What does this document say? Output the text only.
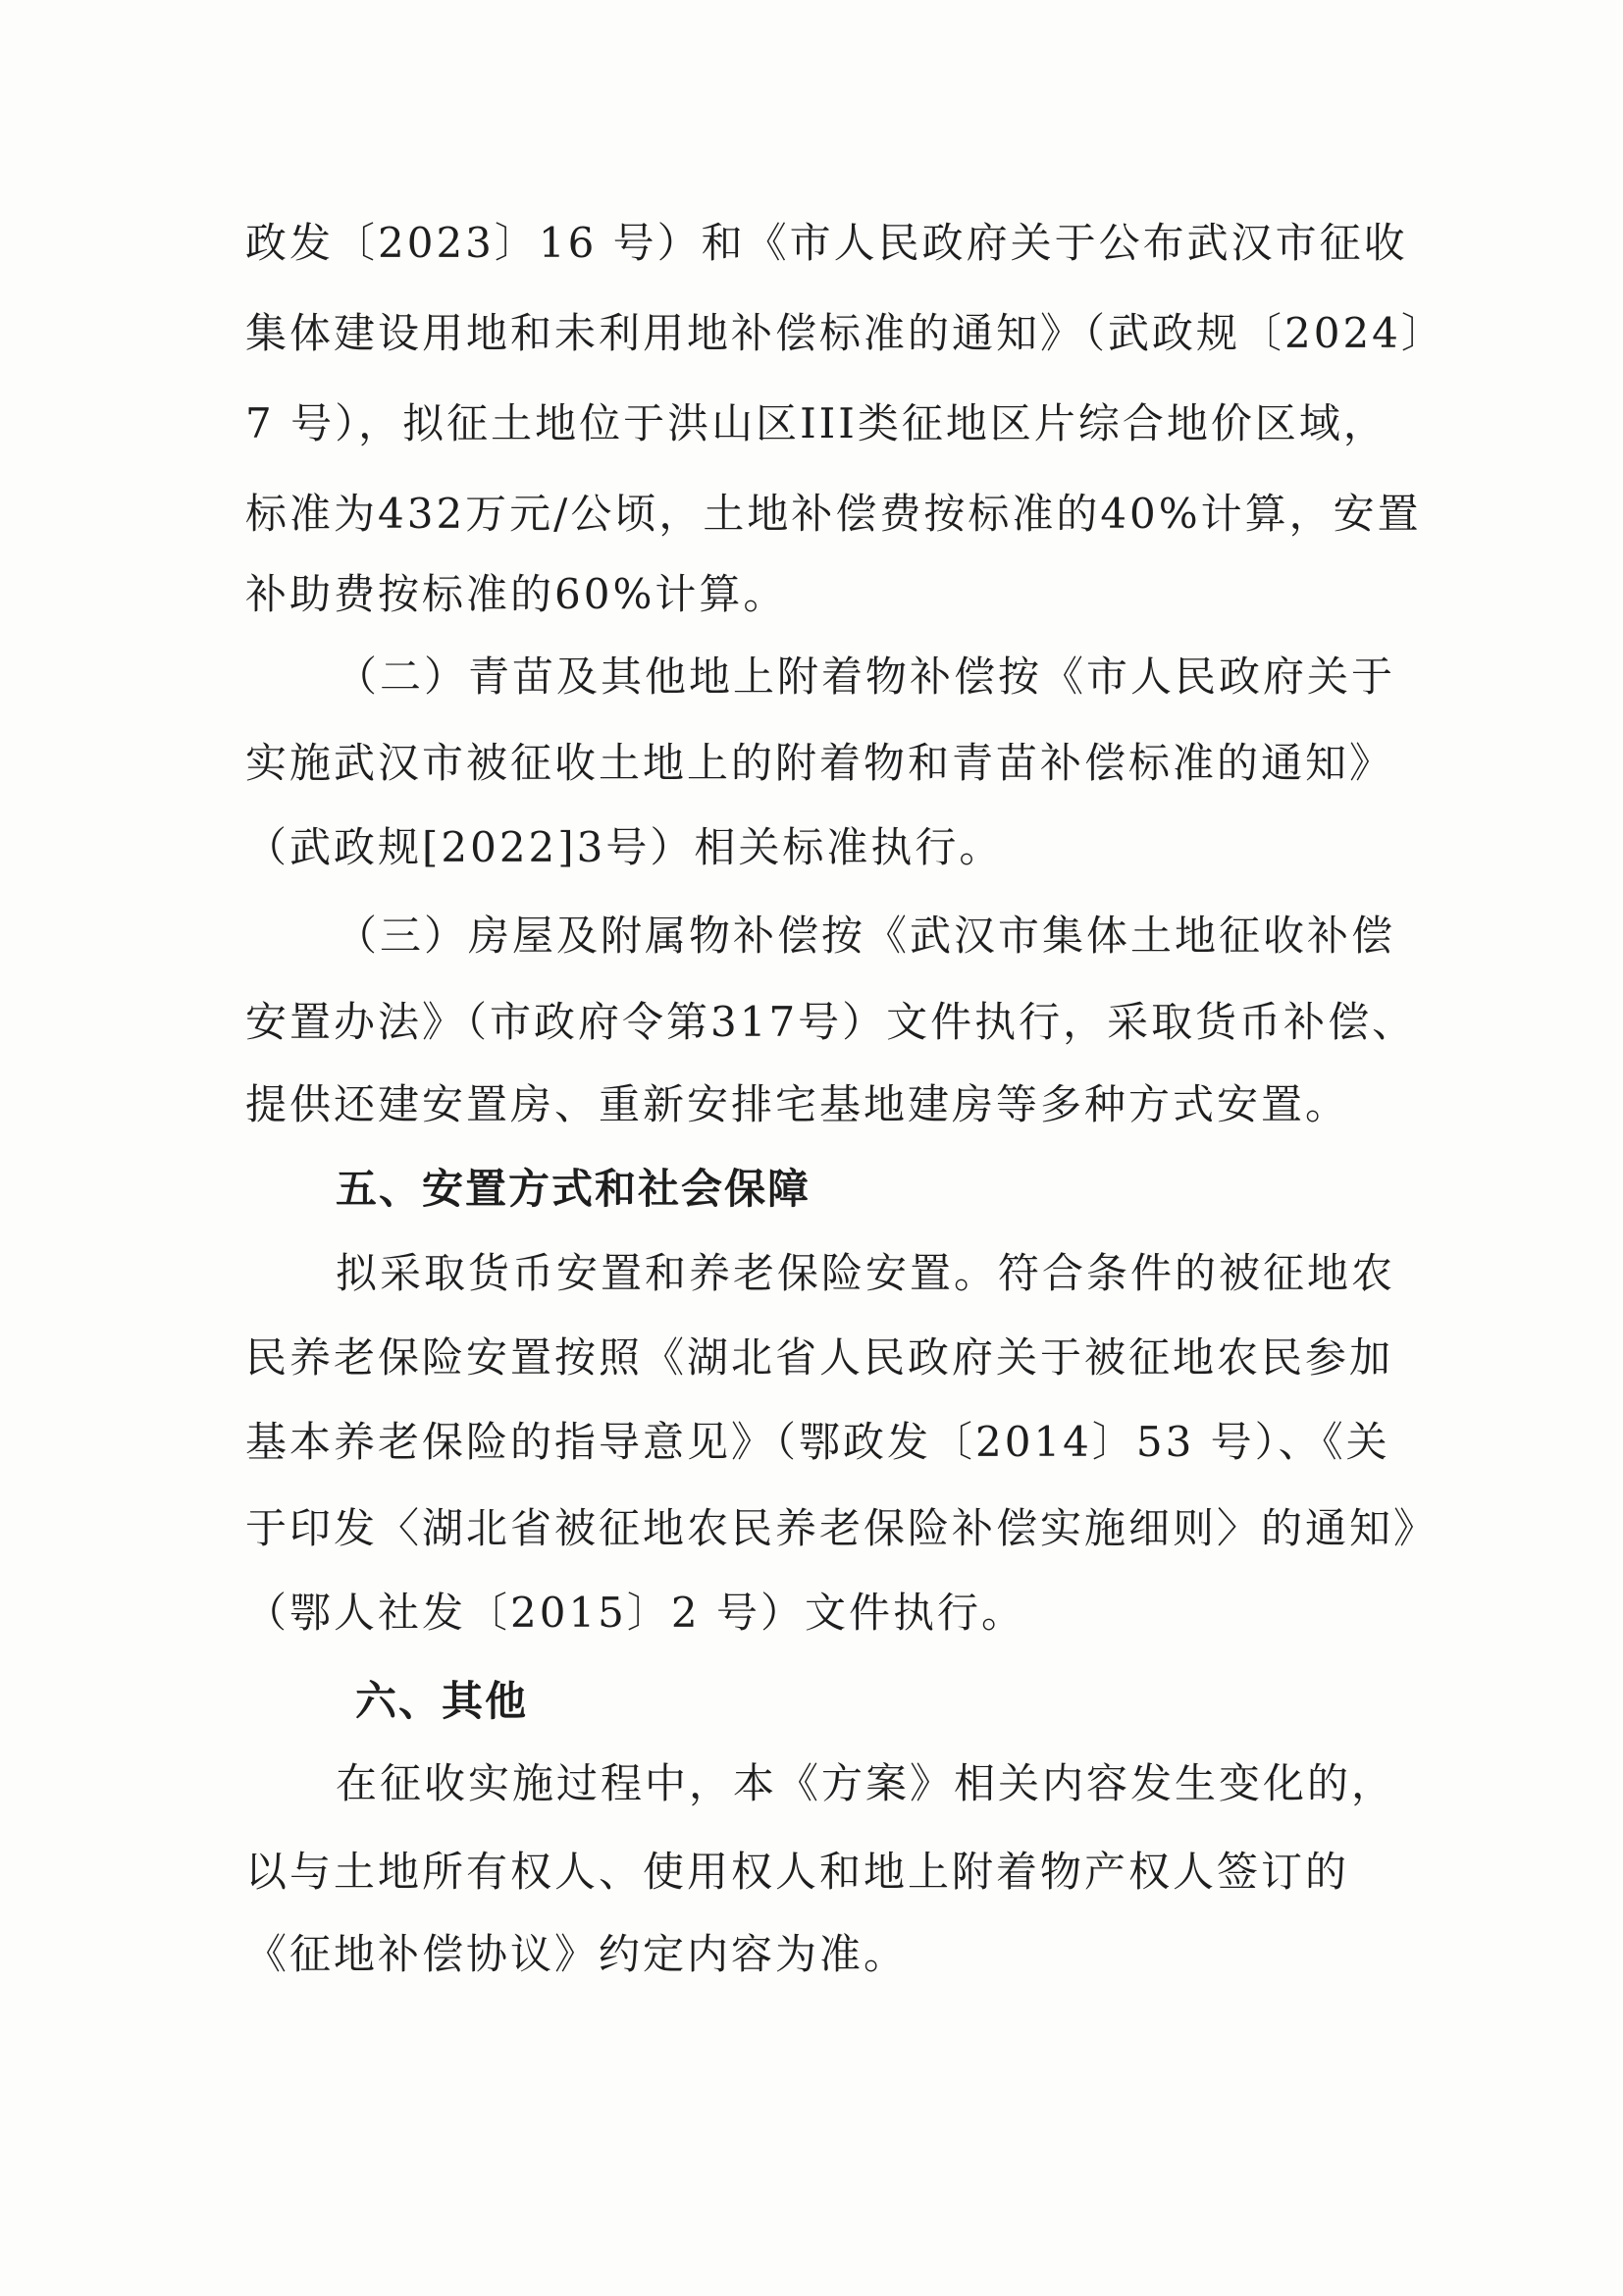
政发〔2023〕16 号）和《市人民政府关于公布武汉市征收
集体建设用地和未利用地补偿标准的通知》（武政规〔2024〕
7 号），拟征土地位于洪山区III类征地区片综合地价区域，
标准为432万元/公顷，土地补偿费按标准的40%计算，安置
补助费按标准的60%计算。
（二）青苗及其他地上附着物补偿按《市人民政府关于
实施武汉市被征收土地上的附着物和青苗补偿标准的通知》
（武政规[2022]3号）相关标准执行。
（三）房屋及附属物补偿按《武汉市集体土地征收补偿
安置办法》（市政府令第317号）文件执行，采取货币补偿、
提供还建安置房、重新安排宅基地建房等多种方式安置。
五、安置方式和社会保障
拟采取货币安置和养老保险安置。符合条件的被征地农
民养老保险安置按照《湖北省人民政府关于被征地农民参加
基本养老保险的指导意见》（鄂政发〔2014〕53 号）、《关
于印发〈湖北省被征地农民养老保险补偿实施细则〉的通知》
（鄂人社发〔2015〕2 号）文件执行。
六、其他
在征收实施过程中，本《方案》相关内容发生变化的，
以与土地所有权人、使用权人和地上附着物产权人签订的
《征地补偿协议》约定内容为准。
